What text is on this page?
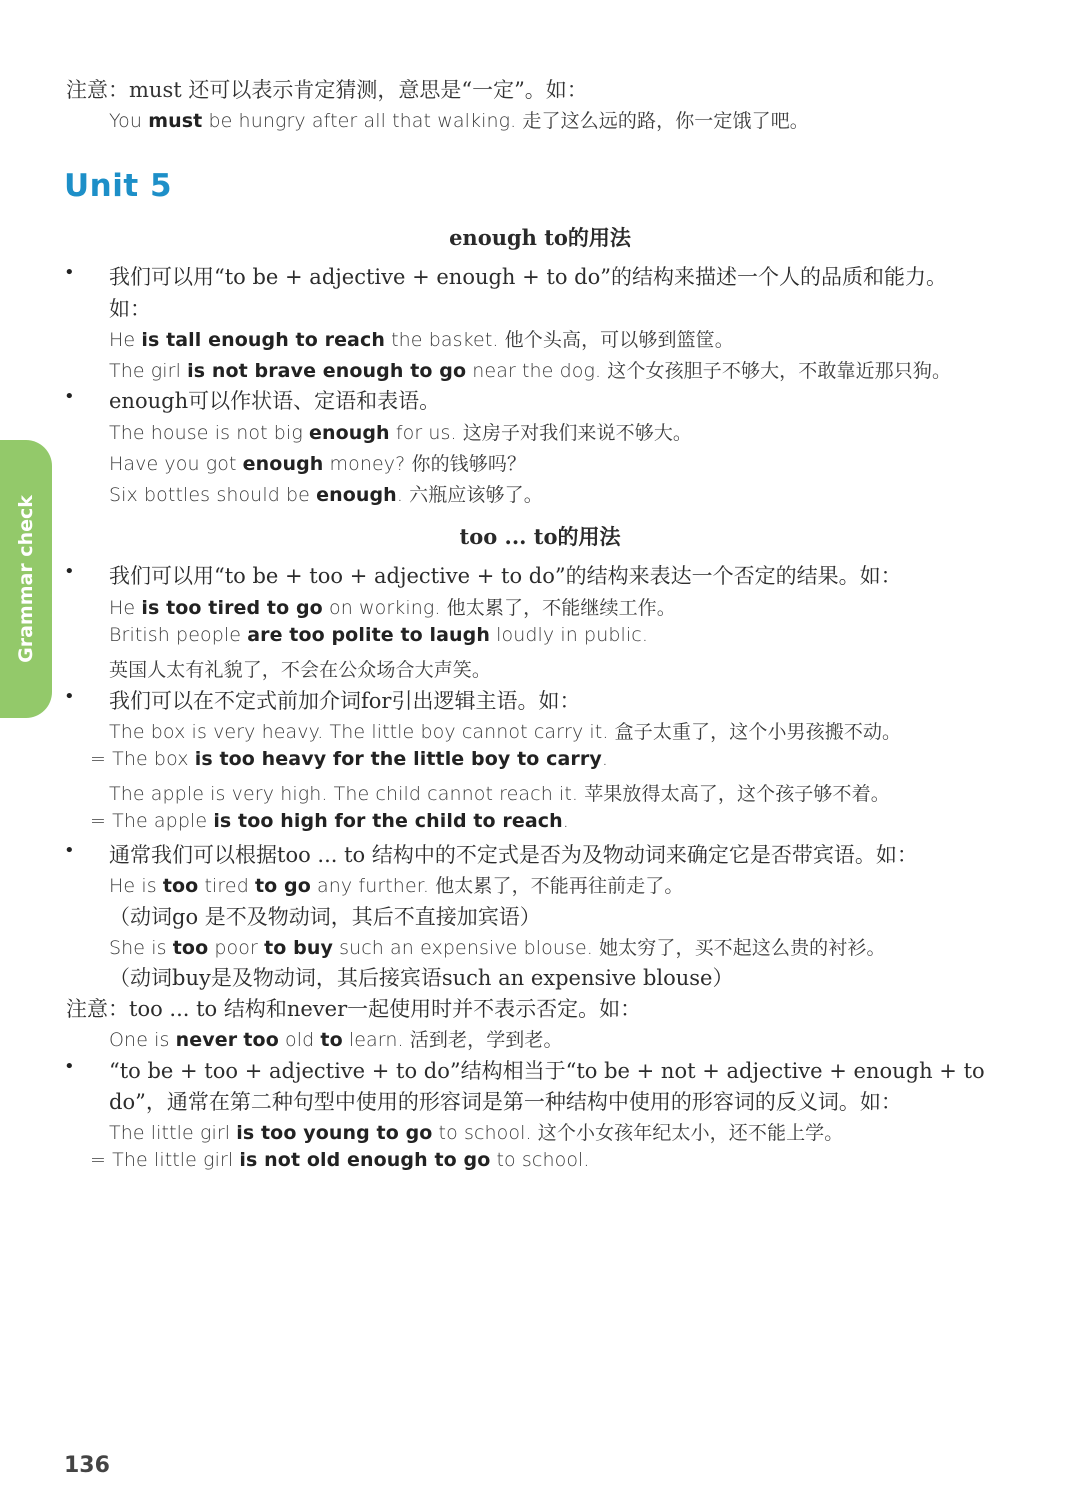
Grammar check
注意：must 还可以表示肯定猜测，意思是“一定”。如：
You must be hungry after all that walking. 走了这么远的路，你一定饿了吧。
Unit 5
enough to的用法
• 我们可以用“to be + adjective + enough + to do”的结构来描述一个人的品质和能力。
如：
He is tall enough to reach the basket. 他个头高，可以够到篮筐。
The girl is not brave enough to go near the dog. 这个女孩胆子不够大，不敢靠近那只狗。
• enough可以作状语、定语和表语。
The house is not big enough for us. 这房子对我们来说不够大。
Have you got enough money? 你的钱够吗？
Six bottles should be enough. 六瓶应该够了。
too ... to的用法
• 我们可以用“to be + too + adjective + to do”的结构来表达一个否定的结果。如：
He is too tired to go on working. 他太累了，不能继续工作。
British people are too polite to laugh loudly in public.
英国人太有礼貌了，不会在公众场合大声笑。
• 我们可以在不定式前加介词for引出逻辑主语。如：
The box is very heavy. The little boy cannot carry it. 盒子太重了，这个小男孩搬不动。
= The box is too heavy for the little boy to carry.
The apple is very high. The child cannot reach it. 苹果放得太高了，这个孩子够不着。
= The apple is too high for the child to reach.
• 通常我们可以根据too ... to 结构中的不定式是否为及物动词来确定它是否带宾语。如：
He is too tired to go any further. 他太累了，不能再往前走了。
（动词go 是不及物动词，其后不直接加宾语）
She is too poor to buy such an expensive blouse. 她太穷了，买不起这么贵的衬衫。
（动词buy是及物动词，其后接宾语such an expensive blouse）
注意：too ... to 结构和never一起使用时并不表示否定。如：
One is never too old to learn. 活到老，学到老。
• “to be + too + adjective + to do”结构相当于“to be + not + adjective + enough + to
do”，通常在第二种句型中使用的形容词是第一种结构中使用的形容词的反义词。如：
The little girl is too young to go to school. 这个小女孩年纪太小，还不能上学。
= The little girl is not old enough to go to school.
136
